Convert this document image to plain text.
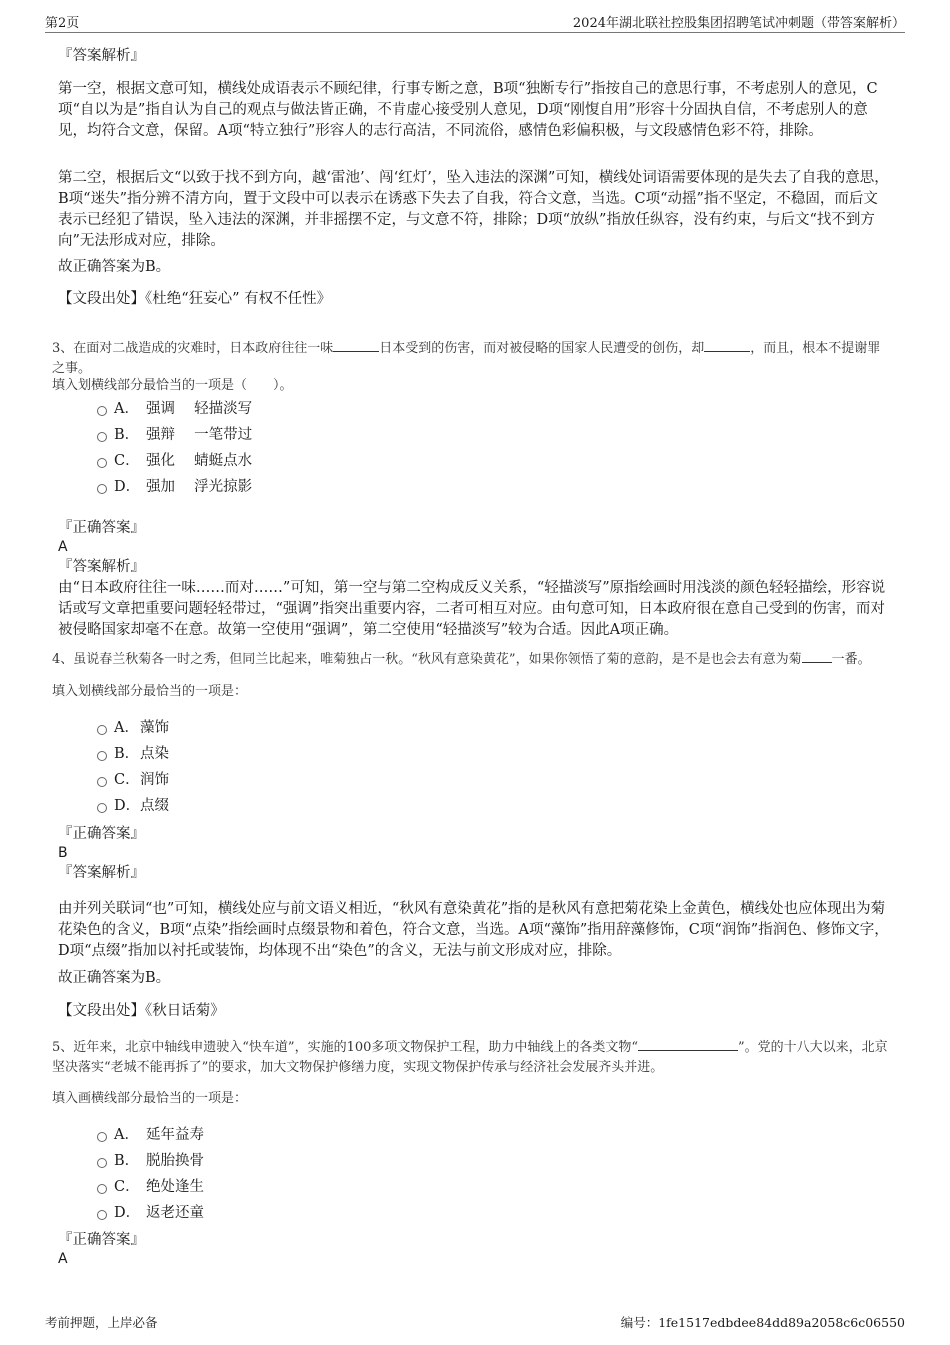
第2页	2024年湖北联社控股集团招聘笔试冲刺题（带答案解析）
『答案解析』

第一空，根据文意可知，横线处成语表示不顾纪律，行事专断之意，B项“独断专行”指按自己的意思行事，不考虑别人的意见，C项“自以为是”指自认为自己的观点与做法皆正确，不肯虚心接受别人意见，D项“刚愎自用”形容十分固执自信，不考虑别人的意见，均符合文意，保留。A项“特立独行”形容人的志行高洁，不同流俗，感情色彩偏积极，与文段感情色彩不符，排除。

第二空，根据后文“以致于找不到方向，越‘雷池’、闯‘红灯’，坠入违法的深渊”可知，横线处词语需要体现的是失去了自我的意思，B项“迷失”指分辨不清方向，置于文段中可以表示在诱惑下失去了自我，符合文意，当选。C项“动摇”指不坚定，不稳固，而后文表示已经犯了错误，坠入违法的深渊，并非摇摆不定，与文意不符，排除；D项“放纵”指放任纵容，没有约束，与后文“找不到方向”无法形成对应，排除。

故正确答案为B。

【文段出处】《杜绝“狂妄心” 有权不任性》

3、在面对二战造成的灾难时，日本政府往往一味	日本受到的伤害，而对被侵略的国家人民遭受的创伤，却	，而且，根本不提谢罪之事。

填入划横线部分最恰当的一项是（　　）。

A． 强调　 轻描淡写
B． 强辩　 一笔带过
C． 强化　 蜻蜓点水
D． 强加　 浮光掠影
『正确答案』
A
『答案解析』

由“日本政府往往一味……而对……”可知，第一空与第二空构成反义关系，“轻描淡写”原指绘画时用浅淡的颜色轻轻描绘，形容说话或写文章把重要问题轻轻带过，“强调”指突出重要内容，二者可相互对应。由句意可知，日本政府很在意自己受到的伤害，而对被侵略国家却毫不在意。故第一空使用“强调”，第二空使用“轻描淡写”较为合适。因此A项正确。

4、虽说春兰秋菊各一时之秀，但同兰比起来，唯菊独占一秋。“秋风有意染黄花”，如果你领悟了菊的意韵，是不是也会去有意为菊 一番。

填入划横线部分最恰当的一项是：

A． 藻饰
B． 点染
C． 润饰
D． 点缀
『正确答案』
B
『答案解析』

由并列关联词“也”可知，横线处应与前文语义相近，“秋风有意染黄花”指的是秋风有意把菊花染上金黄色，横线处也应体现出为菊花染色的含义，B项“点染”指绘画时点缀景物和着色，符合文意，当选。A项“藻饰”指用辞藻修饰，C项“润饰”指润色、修饰文字，D项“点缀”指加以衬托或装饰，均体现不出“染色”的含义，无法与前文形成对应，排除。

故正确答案为B。

【文段出处】《秋日话菊》

5、近年来，北京中轴线申遗驶入“快车道”，实施的100多项文物保护工程，助力中轴线上的各类文物“	”。党的十八大以来，北京坚决落实“老城不能再拆了”的要求，加大文物保护修缮力度，实现文物保护传承与经济社会发展齐头并进。

填入画横线部分最恰当的一项是：

A． 延年益寿
B． 脱胎换骨
C． 绝处逢生
D． 返老还童
『正确答案』
A
考前押题，上岸必备	编号：1fe1517edbdee84dd89a2058c6c06550
